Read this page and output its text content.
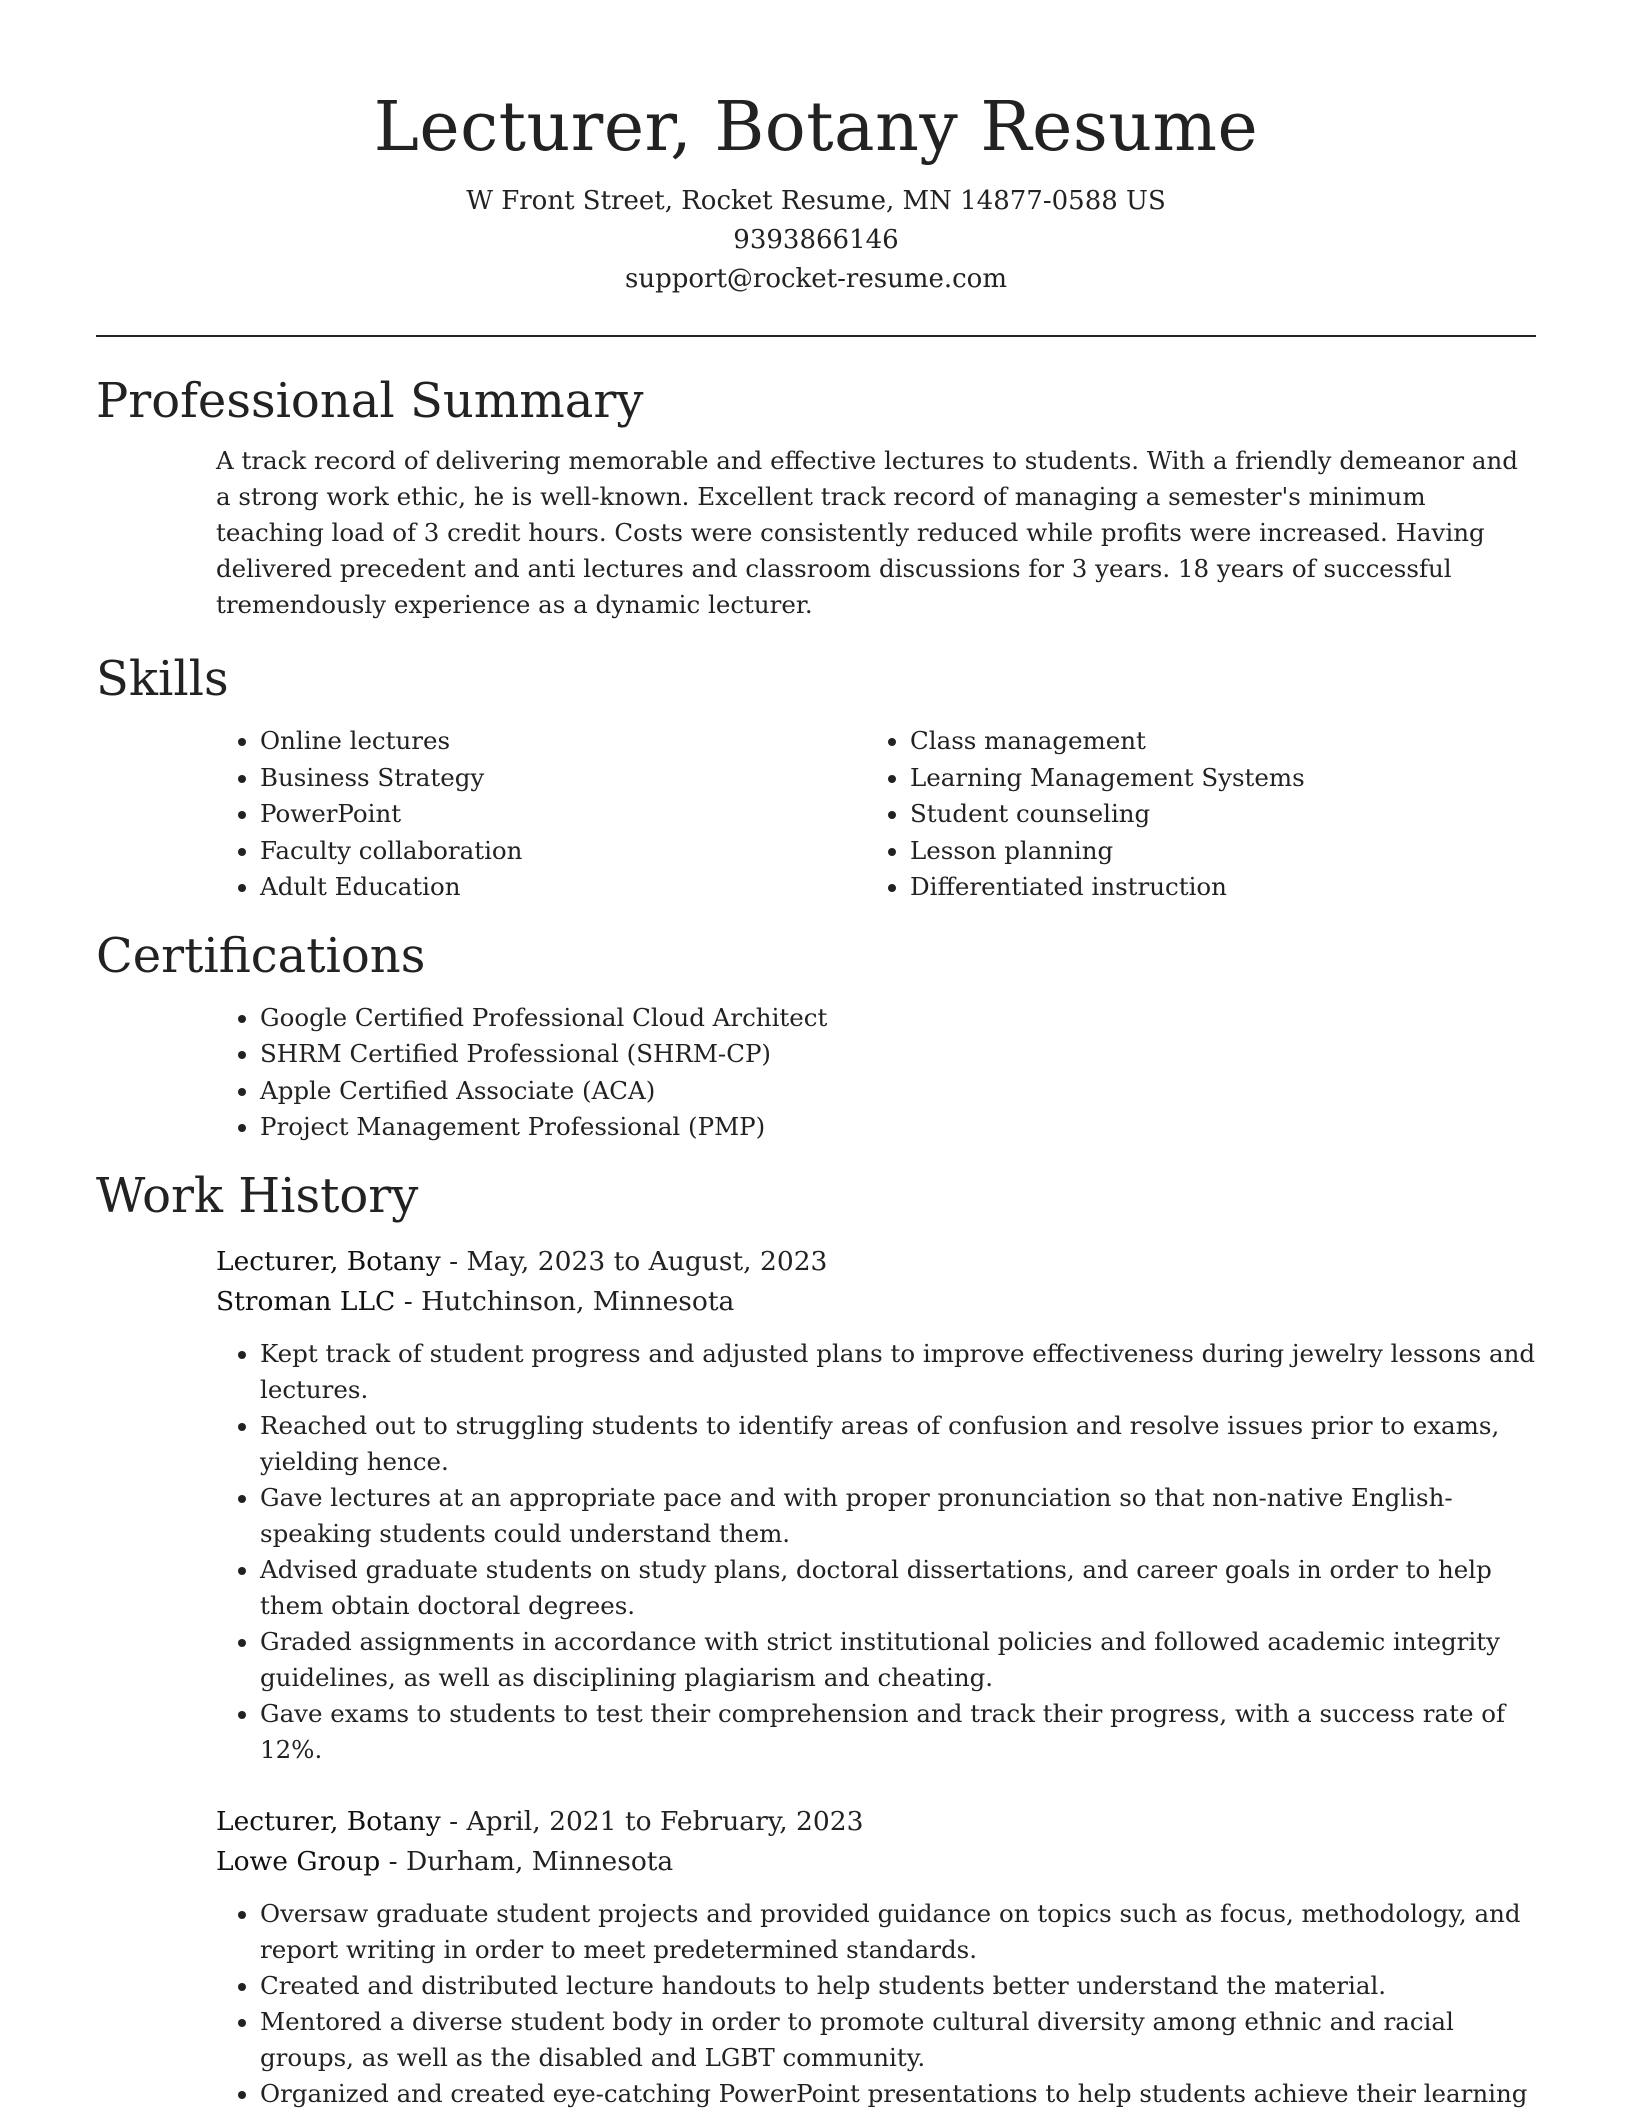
Lecturer, Botany Resume

W Front Street, Rocket Resume, MN 14877-0588 US

9393866146

support@rocket-resume.com

Professional Summary

A track record of delivering memorable and effective lectures to students. With a friendly demeanor and a strong work ethic, he is well-known. Excellent track record of managing a semester's minimum teaching load of 3 credit hours. Costs were consistently reduced while profits were increased. Having delivered precedent and anti lectures and classroom discussions for 3 years. 18 years of successful tremendously experience as a dynamic lecturer.

Skills
• Online lectures
• Business Strategy
• PowerPoint
• Faculty collaboration
• Adult Education
• Class management
• Learning Management Systems
• Student counseling
• Lesson planning
• Differentiated instruction
Certifications
• Google Certified Professional Cloud Architect
• SHRM Certified Professional (SHRM-CP)
• Apple Certified Associate (ACA)
• Project Management Professional (PMP)
Work History

Lecturer, Botany - May, 2023 to August, 2023

Stroman LLC - Hutchinson, Minnesota

• Kept track of student progress and adjusted plans to improve effectiveness during jewelry lessons and lectures.
• Reached out to struggling students to identify areas of confusion and resolve issues prior to exams, yielding hence.
• Gave lectures at an appropriate pace and with proper pronunciation so that non-native English-speaking students could understand them.
• Advised graduate students on study plans, doctoral dissertations, and career goals in order to help them obtain doctoral degrees.
• Graded assignments in accordance with strict institutional policies and followed academic integrity guidelines, as well as disciplining plagiarism and cheating.
• Gave exams to students to test their comprehension and track their progress, with a success rate of 12%.

Lecturer, Botany - April, 2021 to February, 2023

Lowe Group - Durham, Minnesota

• Oversaw graduate student projects and provided guidance on topics such as focus, methodology, and report writing in order to meet predetermined standards.
• Created and distributed lecture handouts to help students better understand the material.
• Mentored a diverse student body in order to promote cultural diversity among ethnic and racial groups, as well as the disabled and LGBT community.
• Organized and created eye-catching PowerPoint presentations to help students achieve their learning
